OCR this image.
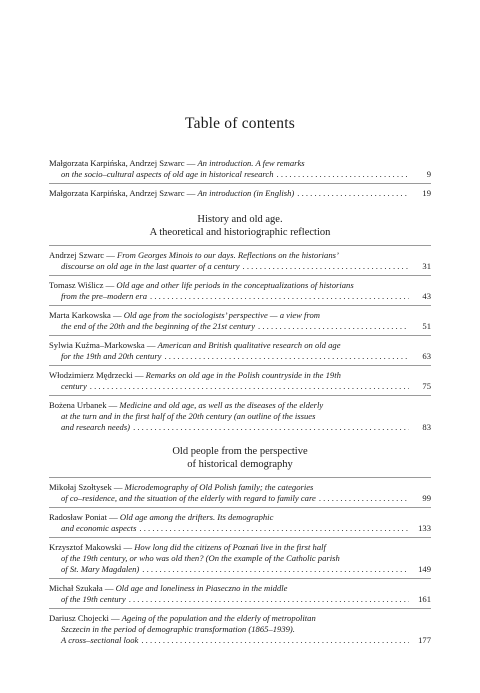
Table of contents
Małgorzata Karpińska, Andrzej Szwarc — An introduction. A few remarks
on the socio–cultural aspects of old age in historical research . . .	9
Małgorzata Karpińska, Andrzej Szwarc — An introduction (in English) . . .	19
History and old age.
A theoretical and historiographic reflection
Andrzej Szwarc — From Georges Minois to our days. Reflections on the historians’
discourse on old age in the last quarter of a century . . .	31
Tomasz Wiślicz — Old age and other life periods in the conceptualizations of historians
from the pre–modern era . . .	43
Marta Karkowska — Old age from the sociologists’ perspective — a view from
the end of the 20th and the beginning of the 21st century . . .	51
Sylwia Kuźma–Markowska — American and British qualitative research on old age
for the 19th and 20th century . . .	63
Włodzimierz Mędrzecki — Remarks on old age in the Polish countryside in the 19th
century . . .	75
Bożena Urbanek — Medicine and old age, as well as the diseases of the elderly
at the turn and in the first half of the 20th century (an outline of the issues
and research needs) . . .	83
Old people from the perspective
of historical demography
Mikołaj Szołtysek — Microdemography of Old Polish family; the categories
of co–residence, and the situation of the elderly with regard to family care . . .	99
Radosław Poniat — Old age among the drifters. Its demographic
and economic aspects . . .	133
Krzysztof Makowski — How long did the citizens of Poznań live in the first half
of the 19th century, or who was old then? (On the example of the Catholic parish
of St. Mary Magdalen) . . .	149
Michał Szukała — Old age and loneliness in Piaseczno in the middle
of the 19th century . . .	161
Dariusz Chojecki — Ageing of the population and the elderly of metropolitan
Szczecin in the period of demographic transformation (1865–1939).
A cross–sectional look . . .	177
